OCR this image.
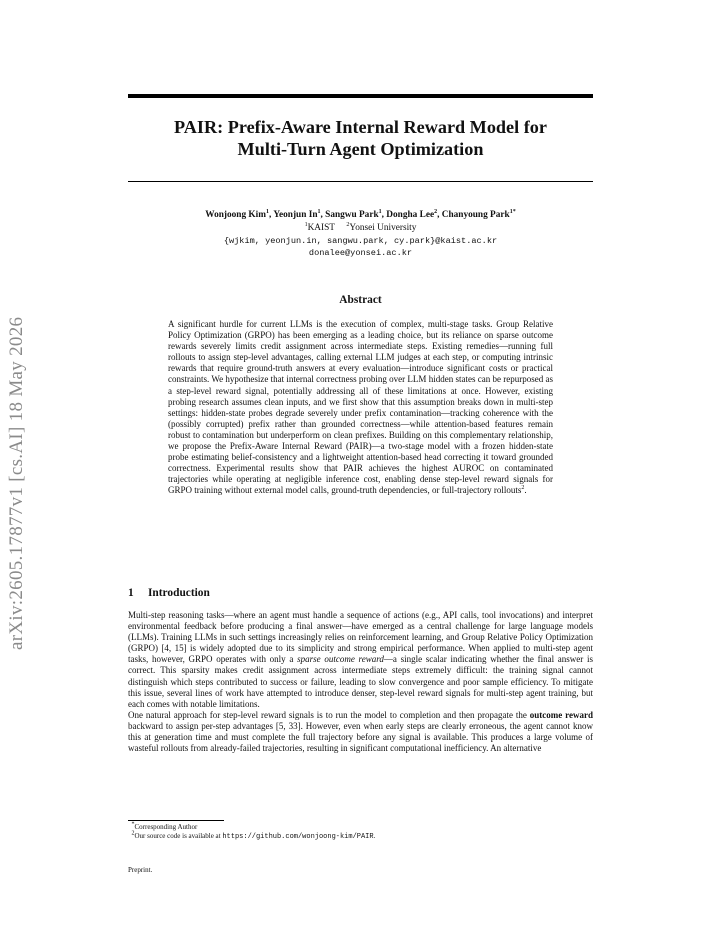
arXiv:2605.17877v1 [cs.AI] 18 May 2026
PAIR: Prefix-Aware Internal Reward Model for
Multi-Turn Agent Optimization
Wonjoong Kim$^1$, Yeonjun In$^1$, Sangwu Park$^1$, Dongha Lee$^2$, Chanyoung Park$^{1*}$
$^1$KAIST $^2$Yonsei University
{wjkim, yeonjun.in, sangwu.park, cy.park}@kaist.ac.kr
donalee@yonsei.ac.kr
Abstract
A significant hurdle for current LLMs is the execution of complex, multi-stage tasks. Group Relative Policy Optimization (GRPO) has been emerging as a leading choice, but its reliance on sparse outcome rewards severely limits credit assignment across intermediate steps. Existing remedies—running full rollouts to assign step-level advantages, calling external LLM judges at each step, or computing intrinsic rewards that require ground-truth answers at every evaluation—introduce significant costs or practical constraints. We hypothesize that internal correctness probing over LLM hidden states can be repurposed as a step-level reward signal, potentially addressing all of these limitations at once. However, existing probing research assumes clean inputs, and we first show that this assumption breaks down in multi-step settings: hidden-state probes degrade severely under prefix contamination—tracking coherence with the (possibly corrupted) prefix rather than grounded correctness—while attention-based features remain robust to contamination but underperform on clean prefixes. Building on this complementary relationship, we propose the Prefix-Aware Internal Reward (PAIR)—a two-stage model with a frozen hidden-state probe estimating belief-consistency and a lightweight attention-based head correcting it toward grounded correctness. Experimental results show that PAIR achieves the highest AUROC on contaminated trajectories while operating at negligible inference cost, enabling dense step-level reward signals for GRPO training without external model calls, ground-truth dependencies, or full-trajectory rollouts$^2$.
1 Introduction

Multi-step reasoning tasks—where an agent must handle a sequence of actions (e.g., API calls, tool invocations) and interpret environmental feedback before producing a final answer—have emerged as a central challenge for large language models (LLMs). Training LLMs in such settings increasingly relies on reinforcement learning, and Group Relative Policy Optimization (GRPO) [4, 15] is widely adopted due to its simplicity and strong empirical performance. When applied to multi-step agent tasks, however, GRPO operates with only a sparse outcome reward—a single scalar indicating whether the final answer is correct. This sparsity makes credit assignment across intermediate steps extremely difficult: the training signal cannot distinguish which steps contributed to success or failure, leading to slow convergence and poor sample efficiency. To mitigate this issue, several lines of work have attempted to introduce denser, step-level reward signals for multi-step agent training, but each comes with notable limitations.

One natural approach for step-level reward signals is to run the model to completion and then propagate the outcome reward backward to assign per-step advantages [5, 33]. However, even when early steps are clearly erroneous, the agent cannot know this at generation time and must complete the full trajectory before any signal is available. This produces a large volume of wasteful rollouts from already-failed trajectories, resulting in significant computational inefficiency. An alternative

*Corresponding Author
$^2$Our source code is available at https://github.com/wonjoong-kim/PAIR.
Preprint.
